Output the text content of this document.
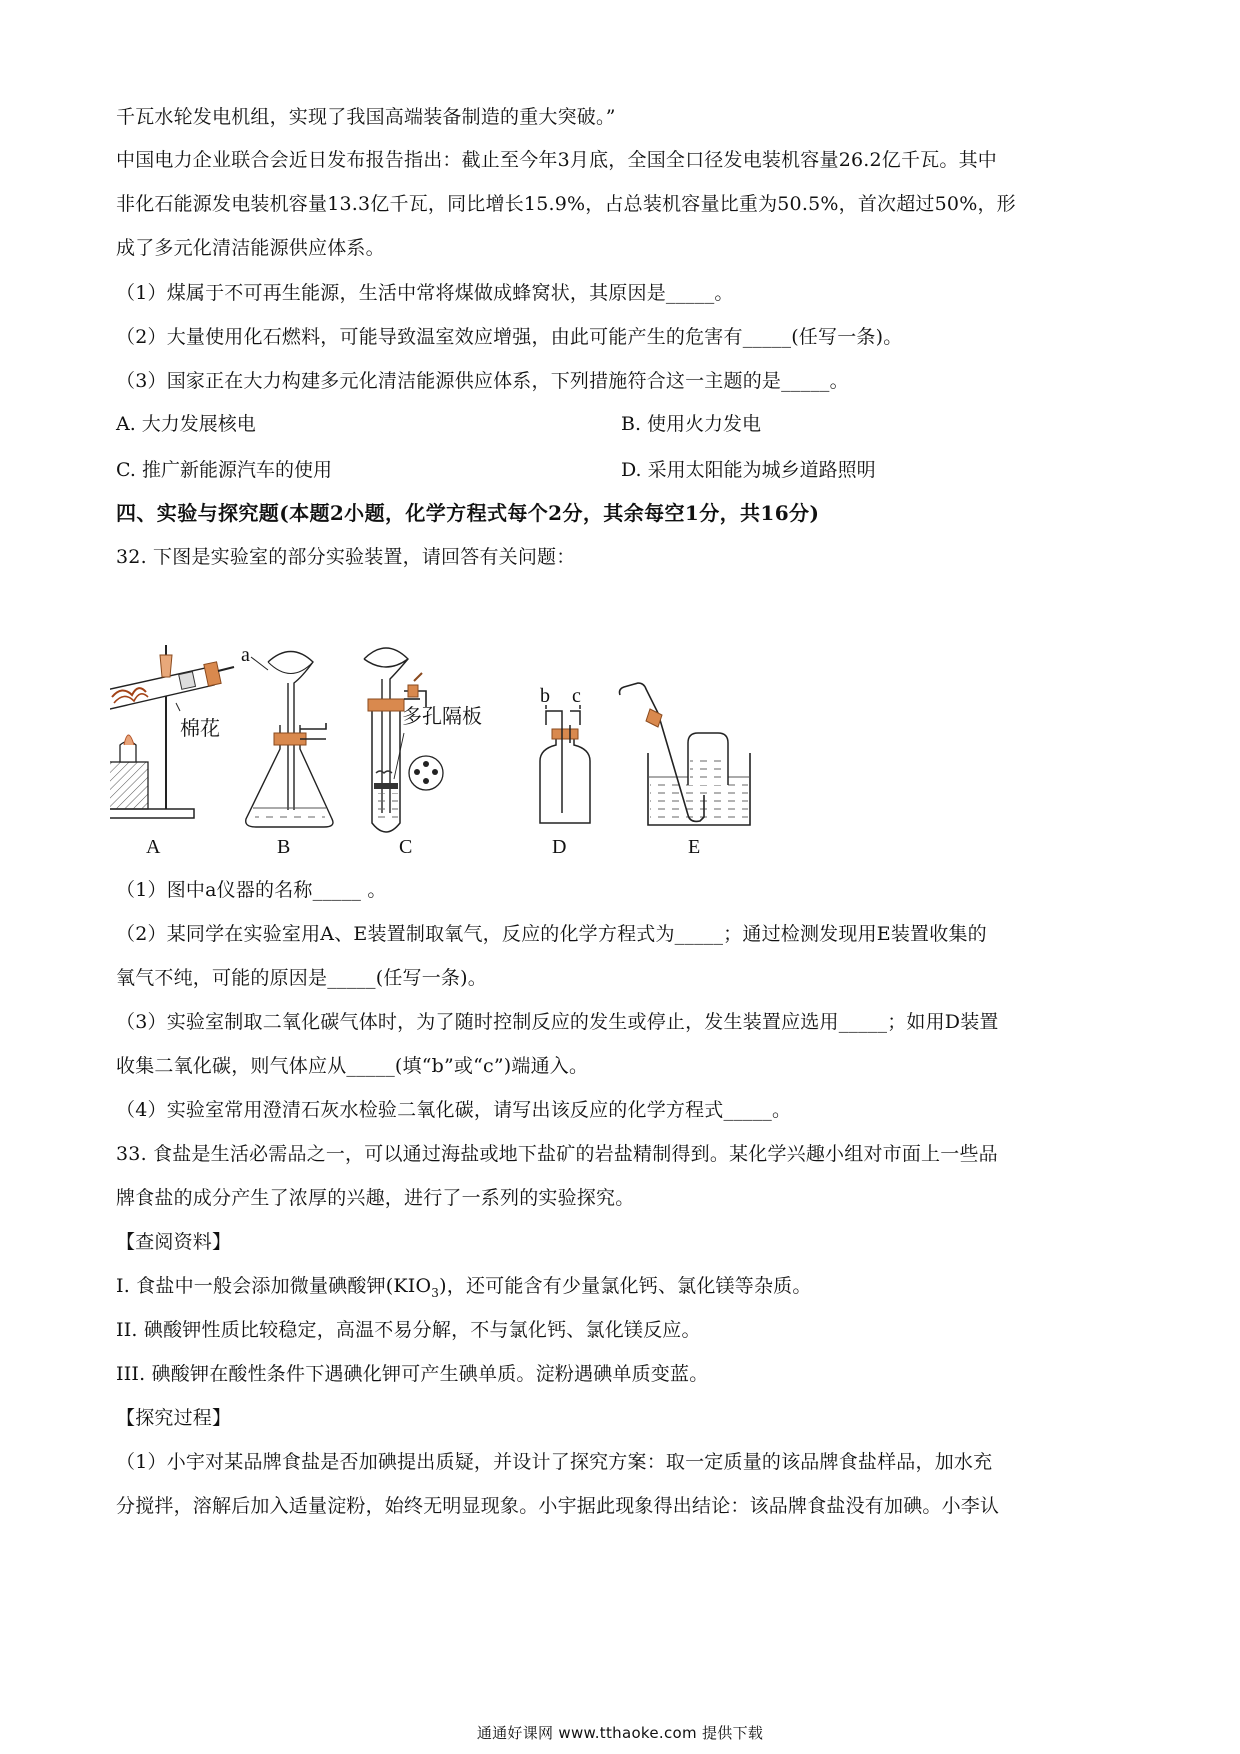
千瓦水轮发电机组，实现了我国高端装备制造的重大突破。”
中国电力企业联合会近日发布报告指出：截止至今年3月底，全国全口径发电装机容量26.2亿千瓦。其中
非化石能源发电装机容量13.3亿千瓦，同比增长15.9%，占总装机容量比重为50.5%，首次超过50%，形
成了多元化清洁能源供应体系。
（1）煤属于不可再生能源，生活中常将煤做成蜂窝状，其原因是_____。
（2）大量使用化石燃料，可能导致温室效应增强，由此可能产生的危害有_____(任写一条)。
（3）国家正在大力构建多元化清洁能源供应体系，下列措施符合这一主题的是_____。
A. 大力发展核电	B. 使用火力发电
C. 推广新能源汽车的使用	D. 采用太阳能为城乡道路照明
四、实验与探究题(本题2小题，化学方程式每个2分，其余每空1分，共16分)
32. 下图是实验室的部分实验装置，请回答有关问题：
棉花
a
多孔隔板
b c
A	B	C	D	E
（1）图中a仪器的名称_____ 。
（2）某同学在实验室用A、E装置制取氧气，反应的化学方程式为_____；通过检测发现用E装置收集的
氧气不纯，可能的原因是_____(任写一条)。
（3）实验室制取二氧化碳气体时，为了随时控制反应的发生或停止，发生装置应选用_____；如用D装置
收集二氧化碳，则气体应从_____(填“b”或“c”)端通入。
（4）实验室常用澄清石灰水检验二氧化碳，请写出该反应的化学方程式_____。
33. 食盐是生活必需品之一，可以通过海盐或地下盐矿的岩盐精制得到。某化学兴趣小组对市面上一些品
牌食盐的成分产生了浓厚的兴趣，进行了一系列的实验探究。
【查阅资料】
I. 食盐中一般会添加微量碘酸钾$(KIO_3)$，还可能含有少量氯化钙、氯化镁等杂质。
II. 碘酸钾性质比较稳定，高温不易分解，不与氯化钙、氯化镁反应。
III. 碘酸钾在酸性条件下遇碘化钾可产生碘单质。淀粉遇碘单质变蓝。
【探究过程】
（1）小宇对某品牌食盐是否加碘提出质疑，并设计了探究方案：取一定质量的该品牌食盐样品，加水充
分搅拌，溶解后加入适量淀粉，始终无明显现象。小宇据此现象得出结论：该品牌食盐没有加碘。小李认
通通好课网 www.tthaoke.com 提供下载
